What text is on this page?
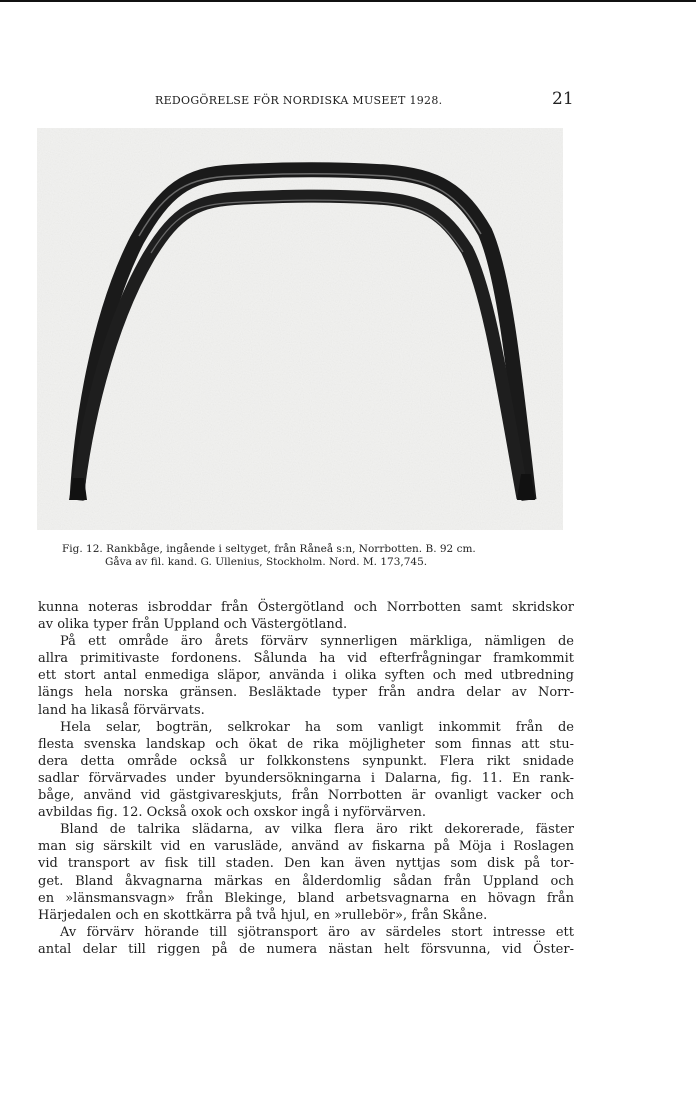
REDOGÖRELSE FÖR NORDISKA MUSEET 1928.	21
Fig. 12. Rankbåge, ingående i seltyget, från Råneå s:n, Norrbotten. B. 92 cm.
Gåva av fil. kand. G. Ullenius, Stockholm. Nord. M. 173,745.
kunna noteras isbroddar från Östergötland och Norrbotten samt skridskor
av olika typer från Uppland och Västergötland.
På ett område äro årets förvärv synnerligen märkliga, nämligen de
allra primitivaste fordonens. Sålunda ha vid efterfrågningar framkommit
ett stort antal enmediga släpor, använda i olika syften och med utbredning
längs hela norska gränsen. Besläktade typer från andra delar av Norr-
land ha likaså förvärvats.
Hela selar, bogträn, selkrokar ha som vanligt inkommit från de
flesta svenska landskap och ökat de rika möjligheter som finnas att stu-
dera detta område också ur folkkonstens synpunkt. Flera rikt snidade
sadlar förvärvades under byundersökningarna i Dalarna, fig. 11. En rank-
båge, använd vid gästgivareskjuts, från Norrbotten är ovanligt vacker och
avbildas fig. 12. Också oxok och oxskor ingå i nyförvärven.
Bland de talrika slädarna, av vilka flera äro rikt dekorerade, fäster
man sig särskilt vid en varusläde, använd av fiskarna på Möja i Roslagen
vid transport av fisk till staden. Den kan även nyttjas som disk på tor-
get. Bland åkvagnarna märkas en ålderdomlig sådan från Uppland och
en »länsmansvagn» från Blekinge, bland arbetsvagnarna en hövagn från
Härjedalen och en skottkärra på två hjul, en »rullebör», från Skåne.
Av förvärv hörande till sjötransport äro av särdeles stort intresse ett
antal delar till riggen på de numera nästan helt försvunna, vid Öster-
